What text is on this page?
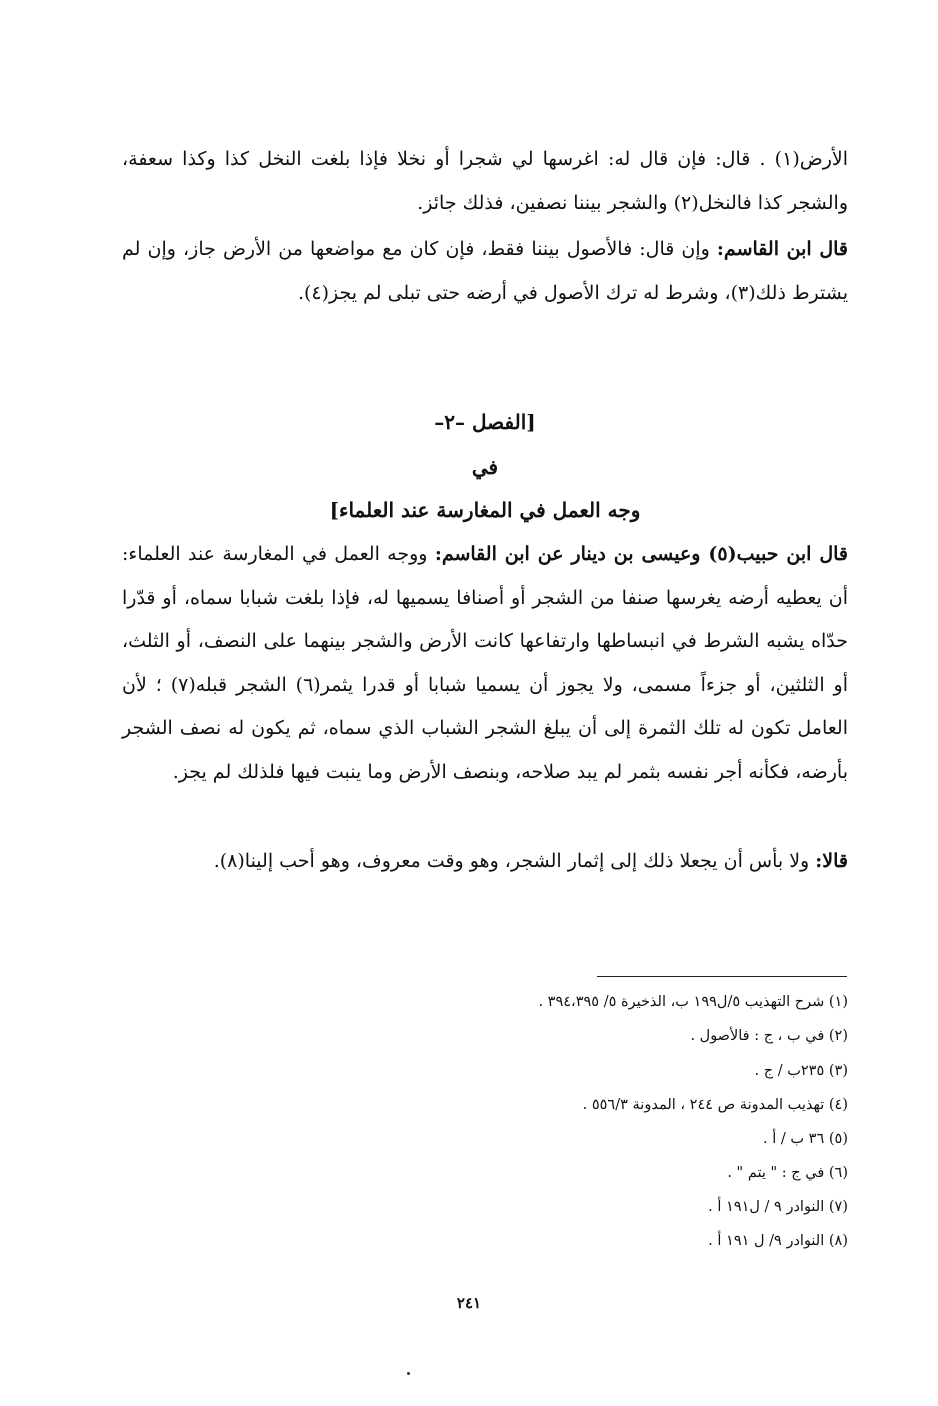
الأرض(١) . قال: فإن قال له: اغرسها لي شجرا أو نخلا فإذا بلغت النخل كذا وكذا سعفة، والشجر كذا فالنخل(٢) والشجر بيننا نصفين، فذلك جائز.

قال ابن القاسم: وإن قال: فالأصول بيننا فقط، فإن كان مع مواضعها من الأرض جاز، وإن لم يشترط ذلك(٣)، وشرط له ترك الأصول في أرضه حتى تبلى لم يجز(٤).

[الفصل –٢–

في

وجه العمل في المغارسة عند العلماء]

قال ابن حبيب(٥) وعيسى بن دينار عن ابن القاسم: ووجه العمل في المغارسة عند العلماء: أن يعطيه أرضه يغرسها صنفا من الشجر أو أصنافا يسميها له، فإذا بلغت شبابا سماه، أو قدّرا حدّاه يشبه الشرط في انبساطها وارتفاعها كانت الأرض والشجر بينهما على النصف، أو الثلث، أو الثلثين، أو جزءاً مسمى، ولا يجوز أن يسميا شبابا أو قدرا يثمر(٦) الشجر قبله(٧) ؛ لأن العامل تكون له تلك الثمرة إلى أن يبلغ الشجر الشباب الذي سماه، ثم يكون له نصف الشجر بأرضه، فكأنه أجر نفسه بثمر لم يبد صلاحه، وبنصف الأرض وما ينبت فيها فلذلك لم يجز.

قالا: ولا بأس أن يجعلا ذلك إلى إثمار الشجر، وهو وقت معروف، وهو أحب إلينا(٨).

(١) شرح التهذيب ٥/ل١٩٩ ب، الذخيرة ٥/ ٣٩٤،٣٩٥ .

(٢) في ب ، ج : فالأصول .

(٣) ٢٣٥ب / ج .

(٤) تهذيب المدونة ص ٢٤٤ ، المدونة ٥٥٦/٣ .

(٥) ٣٦ ب / أ .

(٦) في ج : " يتم " .

(٧) النوادر ٩ / ل١٩١ أ .

(٨) النوادر ٩/ ل ١٩١ أ .

٢٤١
